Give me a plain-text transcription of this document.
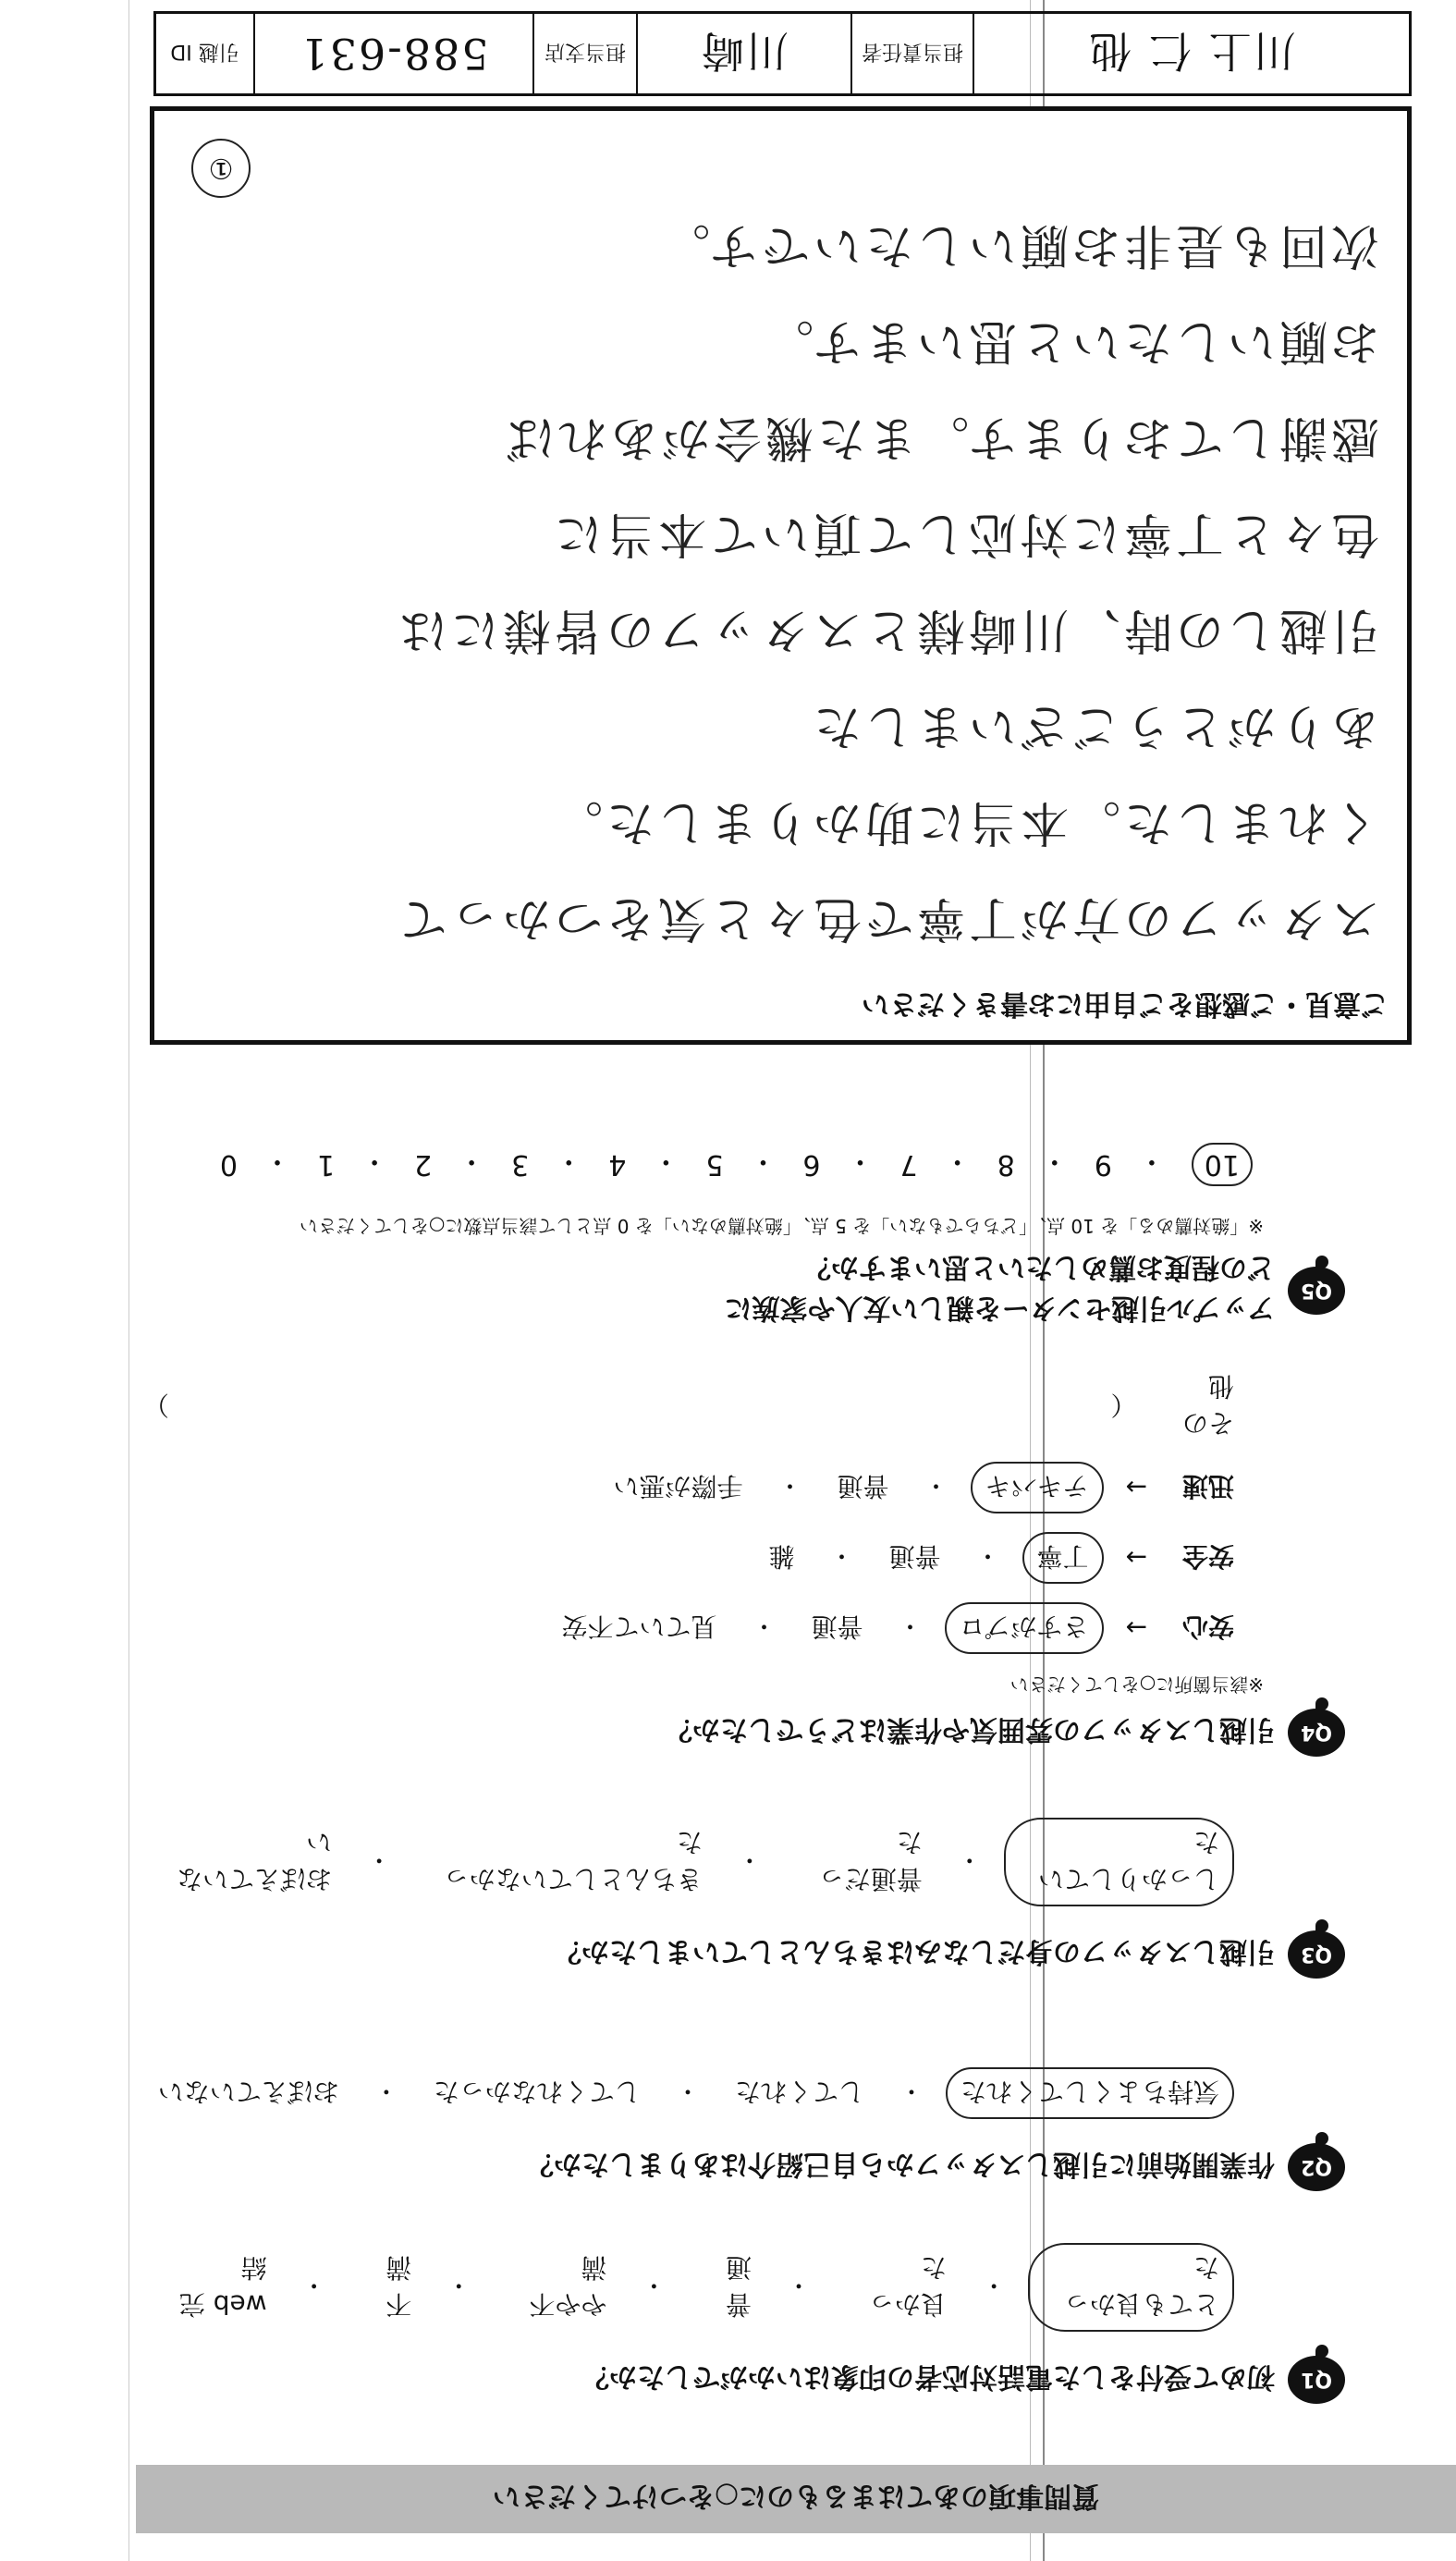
質問事項のあてはまるものに○をつけてください
Q1
初めて受付をした電話対応者の印象はいかがでしたか？
とても良かった
・
良かった
・
普通
・
やや不満
・
不満
・
web 完結
Q2
作業開始前に引越しスタッフから自己紹介はありましたか？
気持ちよくしてくれた
・
してくれた
・
してくれなかった
・
おぼえていない
Q3
引越しスタッフの身だしなみはきちんとしていましたか？
しっかりしていた
・
普通だった
・
きちんとしていなかった
・
おぼえていない
Q4
引越しスタッフの雰囲気や作業はどうでしたか？
※該当箇所に○をしてください
安心
→
さすがプロ
・
普通
・
見ていて不安
安全
→
丁寧
・
普通
・
雑
迅速
→
テキパキ
・
普通
・
手際が悪い
その他
（
）
Q5
アップル引越センターを親しい友人や家族に
どの程度お薦めしたいと思いますか？
※「絶対薦める」を 10 点、「どちらでもない」を 5 点、「絶対薦めない」を 0 点として該当点数に○をしてください
10
・
9
・
8
・
7
・
6
・
5
・
4
・
3
・
2
・
1
・
0
ご意見・ご感想をご自由にお書きください
スタッフの方が丁寧で色々と気をつかって
くれました。本当に助かりました。
ありがとうございました
引越しの時、川崎様とスタッフの皆様には
色々と丁寧に対応して頂いて本当に
感謝しております。また機会があれば
お願いしたいと思います。
次回も是非お願いしたいです。
①
川上 仁 他
担当責任者
川崎
担当支店
588-631
引越 ID
